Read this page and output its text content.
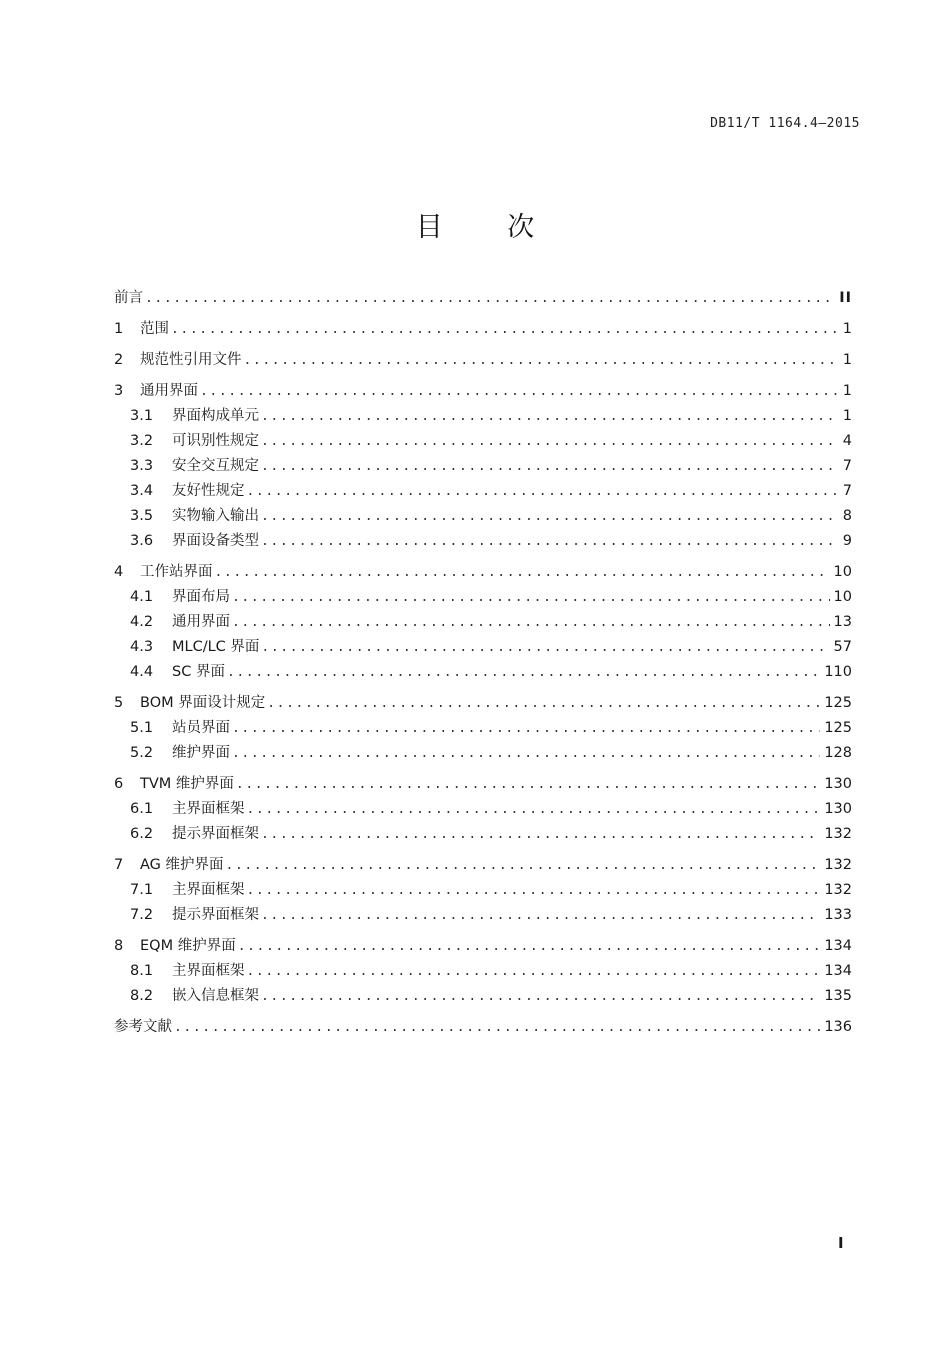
DB11/T 1164.4—2015
目 次
前言 .....	II
1	范围 .....	1
2	规范性引用文件 .....	1
3	通用界面 .....	1
3.1	界面构成单元 .....	1
3.2	可识别性规定 .....	4
3.3	安全交互规定 .....	7
3.4	友好性规定 .....	7
3.5	实物输入输出 .....	8
3.6	界面设备类型 .....	9
4	工作站界面 .....	10
4.1	界面布局 .....	10
4.2	通用界面 .....	13
4.3	MLC/LC 界面 .....	57
4.4	SC 界面 .....	110
5	BOM 界面设计规定 .....	125
5.1	站员界面 .....	125
5.2	维护界面 .....	128
6	TVM 维护界面 .....	130
6.1	主界面框架 .....	130
6.2	提示界面框架 .....	132
7	AG 维护界面 .....	132
7.1	主界面框架 .....	132
7.2	提示界面框架 .....	133
8	EQM 维护界面 .....	134
8.1	主界面框架 .....	134
8.2	嵌入信息框架 .....	135
参考文献 .....	136
I
